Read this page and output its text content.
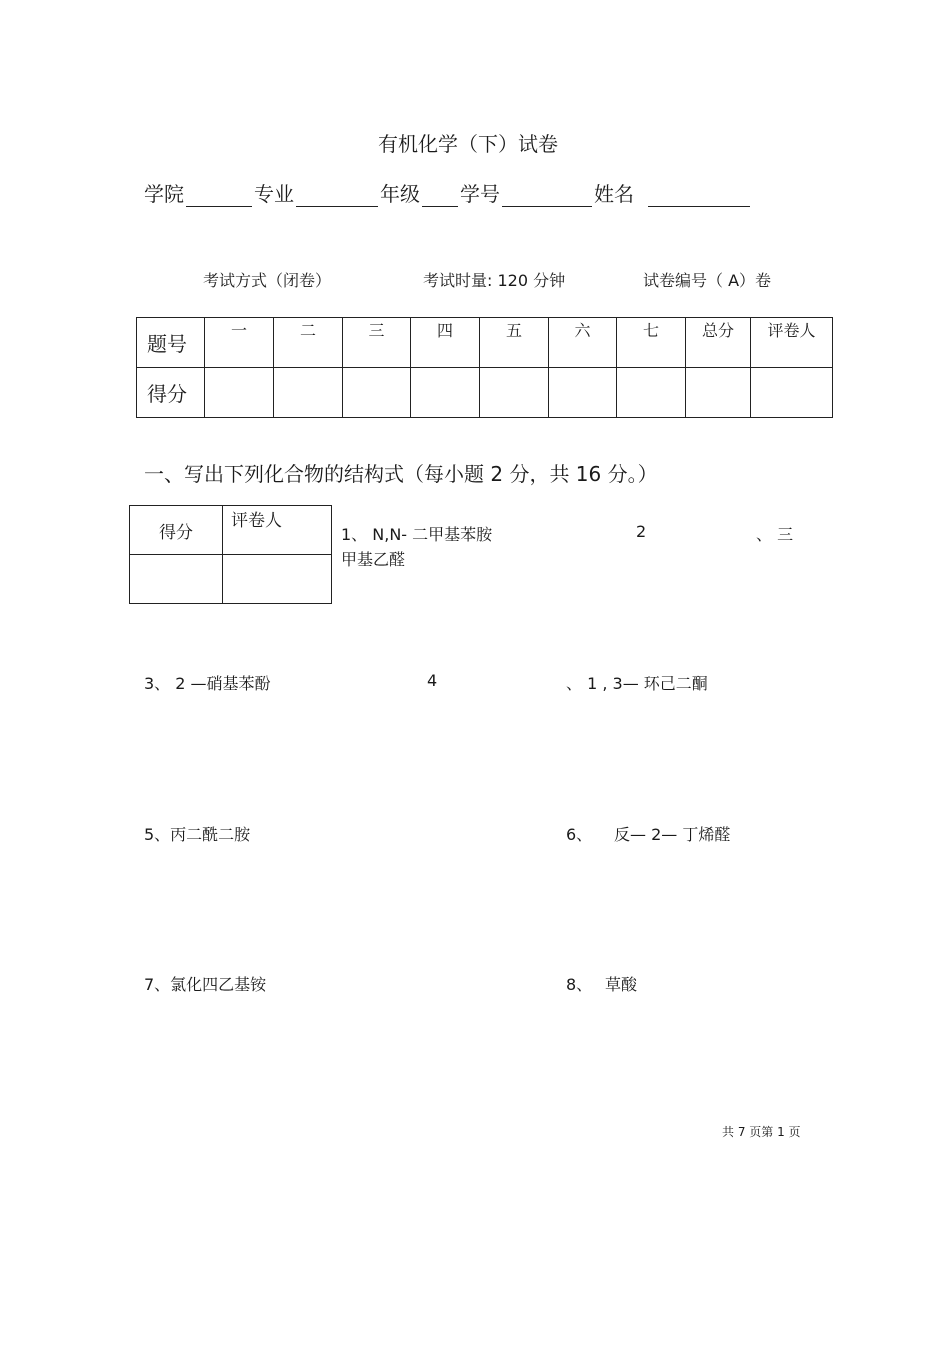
有机化学（下）试卷
学院	专业	年级 学号	姓名
考试方式（闭卷）	考试时量: 120 分钟	试卷编号（ A）卷
题号	一	二	三	四	五	六	七	总分	评卷人
得分									
一、写出下列化合物的结构式（每小题 2 分，共 16 分。）
得分	评卷人

1、 N,N- 二甲基苯胺	2	、 三
甲基乙醛
3、 2 —硝基苯酚	4	、 1 , 3— 环己二酮
5、丙二酰二胺	6、 反— 2— 丁烯醛
7、氯化四乙基铵	8、 草酸
共 7 页第 1 页
